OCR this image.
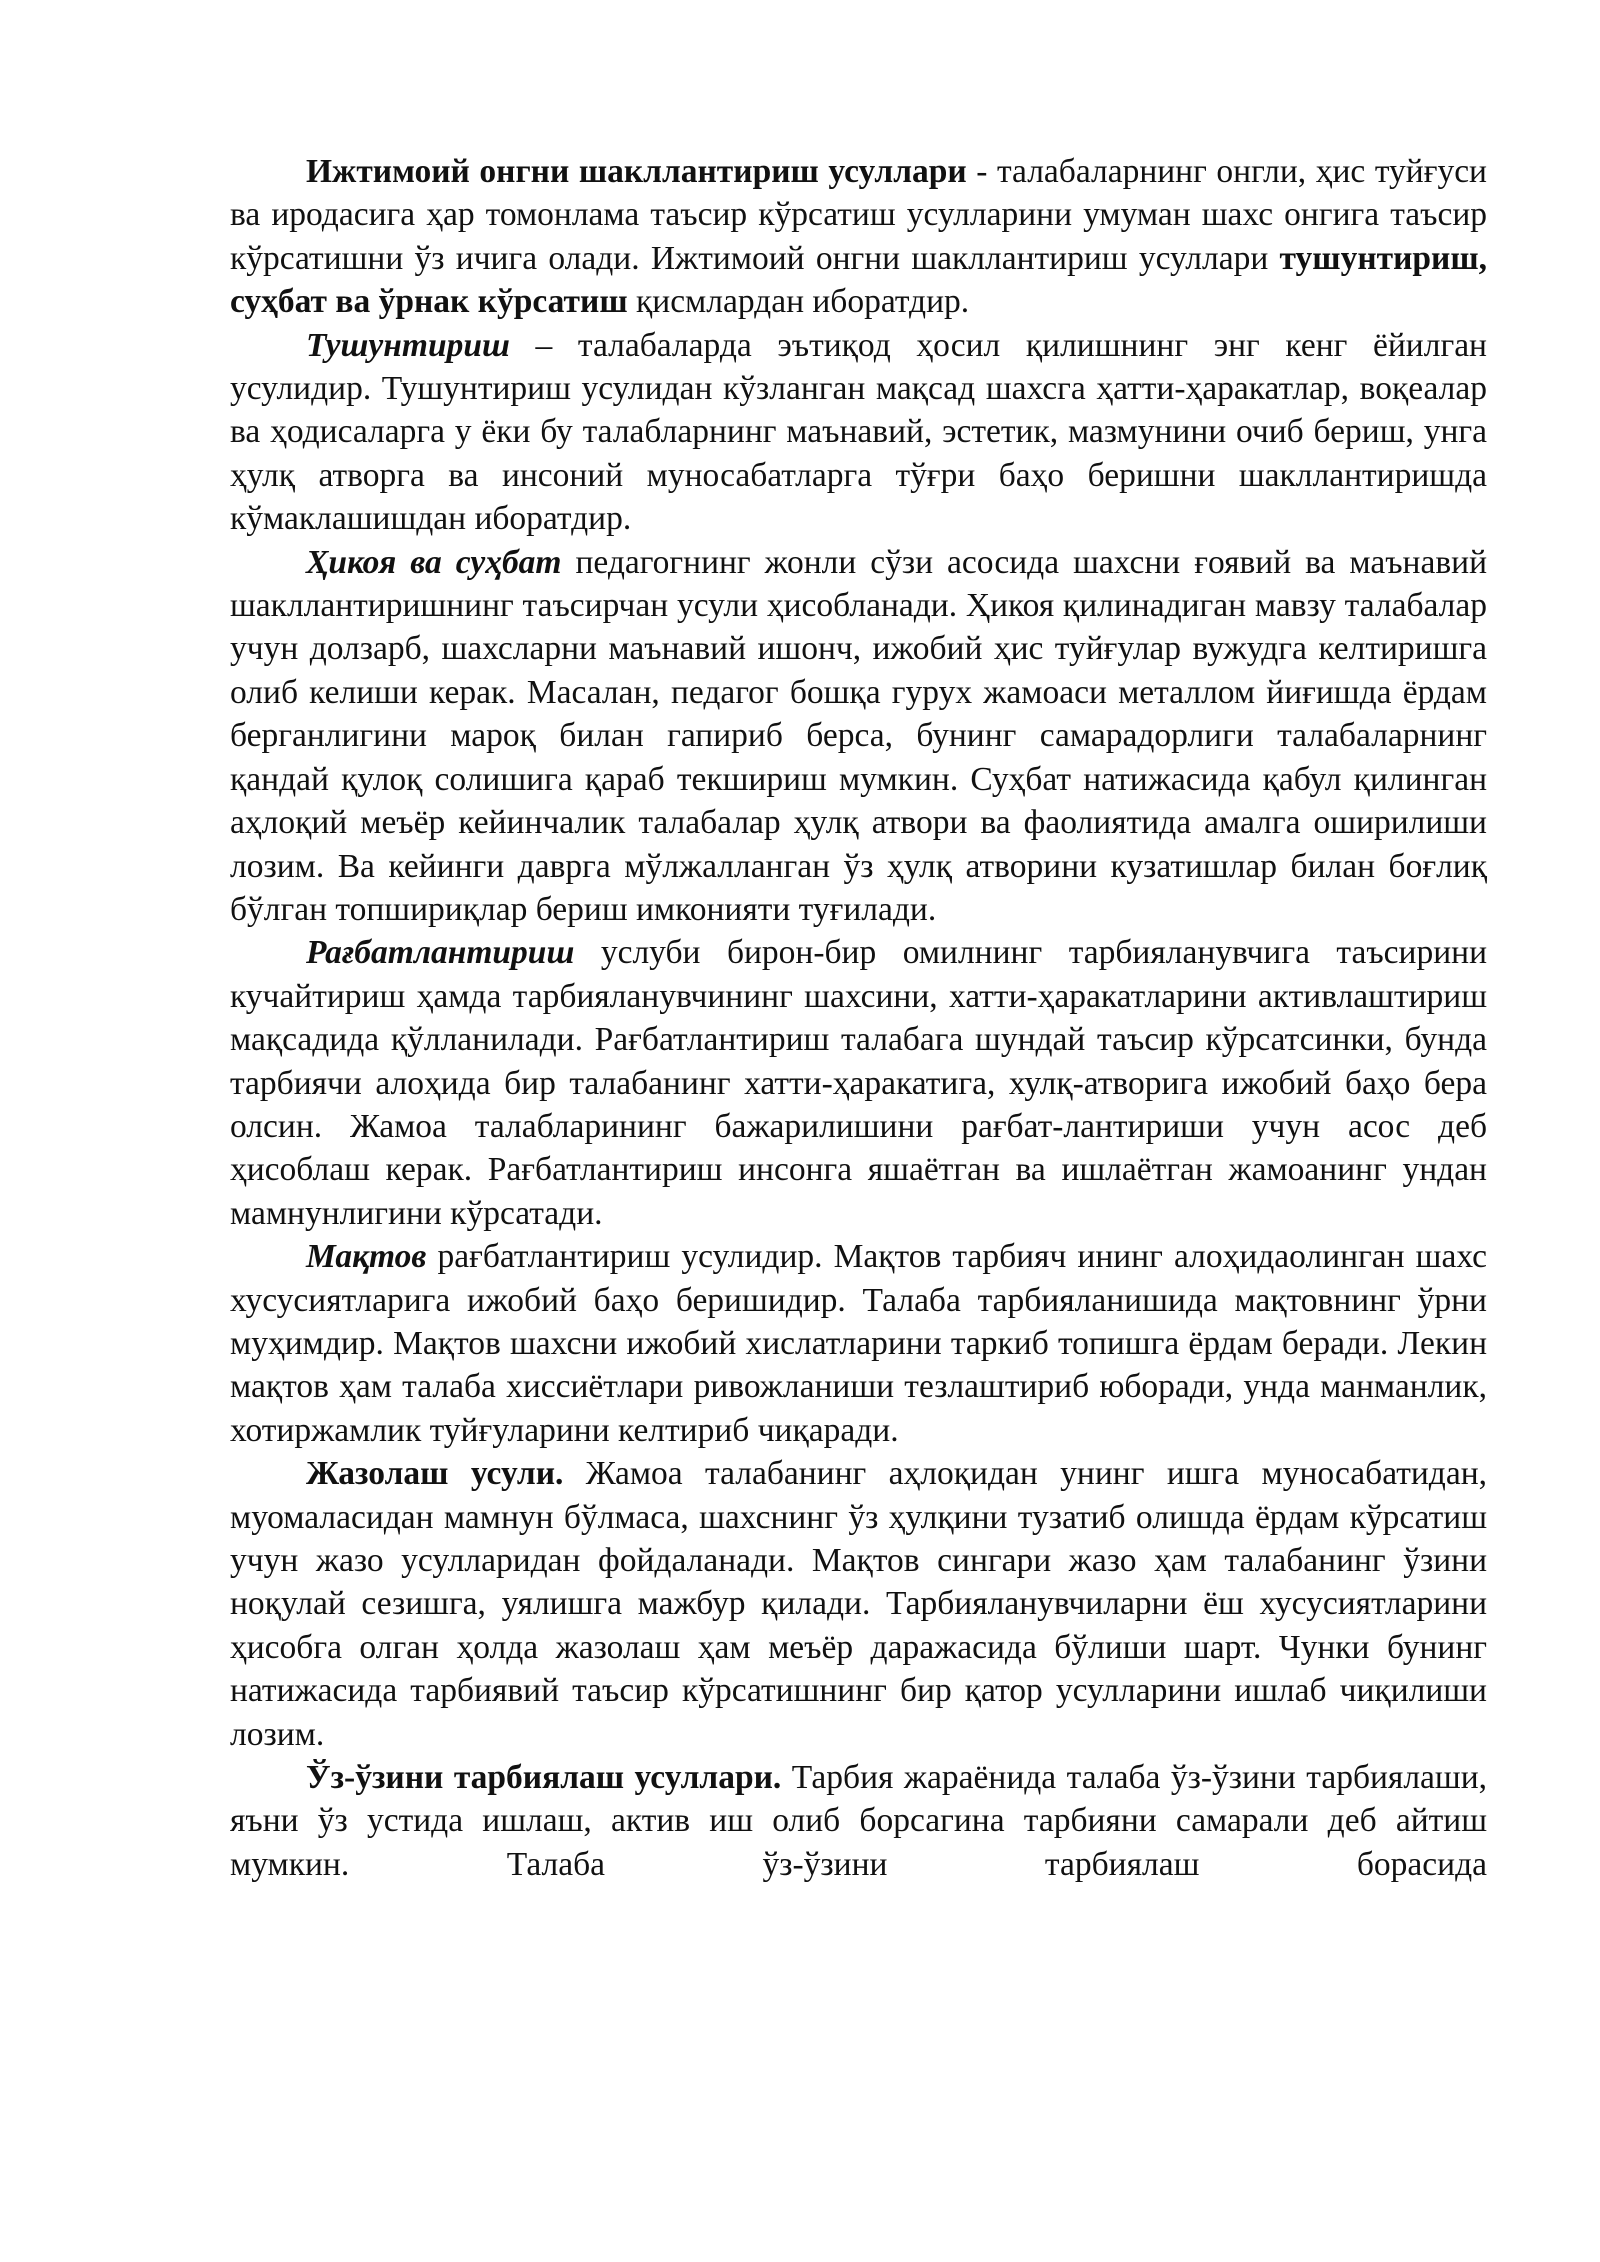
Ижтимоий онгни шакллантириш усуллари - талабаларнинг онгли, ҳис туйғуси ва иродасига ҳар томонлама таъсир кўрсатиш усулларини умуман шахс онгига таъсир кўрсатишни ўз ичига олади. Ижтимоий онгни шакллантириш усуллари тушунтириш, суҳбат ва ўрнак кўрсатиш қисмлардан иборатдир.

Тушунтириш – талабаларда эътиқод ҳосил қилишнинг энг кенг ёйилган усулидир. Тушунтириш усулидан кўзланган мақсад шахсга ҳатти-ҳаракатлар, воқеалар ва ҳодисаларга у ёки бу талабларнинг маънавий, эстетик, мазмунини очиб бериш, унга ҳулқ атворга ва инсоний муносабатларга тўғри баҳо беришни шакллантиришда кўмаклашишдан иборатдир.

Ҳикоя ва суҳбат педагогнинг жонли сўзи асосида шахсни ғоявий ва маънавий шакллантиришнинг таъсирчан усули ҳисобланади. Ҳикоя қилинадиган мавзу талабалар учун долзарб, шахсларни маънавий ишонч, ижобий ҳис туйғулар вужудга келтиришга олиб келиши керак. Масалан, педагог бошқа гурух жамоаси металлом йиғишда ёрдам берганлигини мароқ билан гапириб берса, бунинг самарадорлиги талабаларнинг қандай қулоқ солишига қараб текшириш мумкин. Суҳбат натижасида қабул қилинган аҳлоқий меъёр кейинчалик талабалар ҳулқ атвори ва фаолиятида амалга оширилиши лозим. Ва кейинги даврга мўлжалланган ўз ҳулқ атворини кузатишлар билан боғлиқ бўлган топшириқлар бериш имконияти туғилади.

Рағбатлантириш услуби бирон-бир омилнинг тарбияланувчига таъсирини кучайтириш ҳамда тарбияланувчининг шахсини, хатти-ҳаракатларини активлаштириш мақсадида қўлланилади. Рағбатлантириш талабага шундай таъсир кўрсатсинки, бунда тарбиячи алоҳида бир талабанинг хатти-ҳаракатига, хулқ-атворига ижобий баҳо бера олсин. Жамоа талабларининг бажарилишини рағбат-лантириши учун асос деб ҳисоблаш керак. Рағбатлантириш инсонга яшаётган ва ишлаётган жамоанинг ундан мамнунлигини кўрсатади.

Мақтов рағбатлантириш усулидир. Мақтов тарбияч ининг алоҳидаолинган шахс хусусиятларига ижобий баҳо беришидир. Талаба тарбияланишида мақтовнинг ўрни муҳимдир. Мақтов шахсни ижобий хислатларини таркиб топишга ёрдам беради. Лекин мақтов ҳам талаба хиссиётлари ривожланиши тезлаштириб юборади, унда манманлик, хотиржамлик туйғуларини келтириб чиқаради.

Жазолаш усули. Жамоа талабанинг аҳлоқидан унинг ишга муносабатидан, муомаласидан мамнун бўлмаса, шахснинг ўз ҳулқини тузатиб олишда ёрдам кўрсатиш учун жазо усулларидан фойдаланади. Мақтов сингари жазо ҳам талабанинг ўзини ноқулай сезишга, уялишга мажбур қилади. Тарбияланувчиларни ёш хусусиятларини ҳисобга олган ҳолда жазолаш ҳам меъёр даражасида бўлиши шарт. Чунки бунинг натижасида тарбиявий таъсир кўрсатишнинг бир қатор усулларини ишлаб чиқилиши лозим.

Ўз-ўзини тарбиялаш усуллари. Тарбия жараёнида талаба ўз-ўзини тарбиялаши, яъни ўз устида ишлаш, актив иш олиб борсагина тарбияни самарали деб айтиш мумкин. Талаба ўз-ўзини тарбиялаш борасида
